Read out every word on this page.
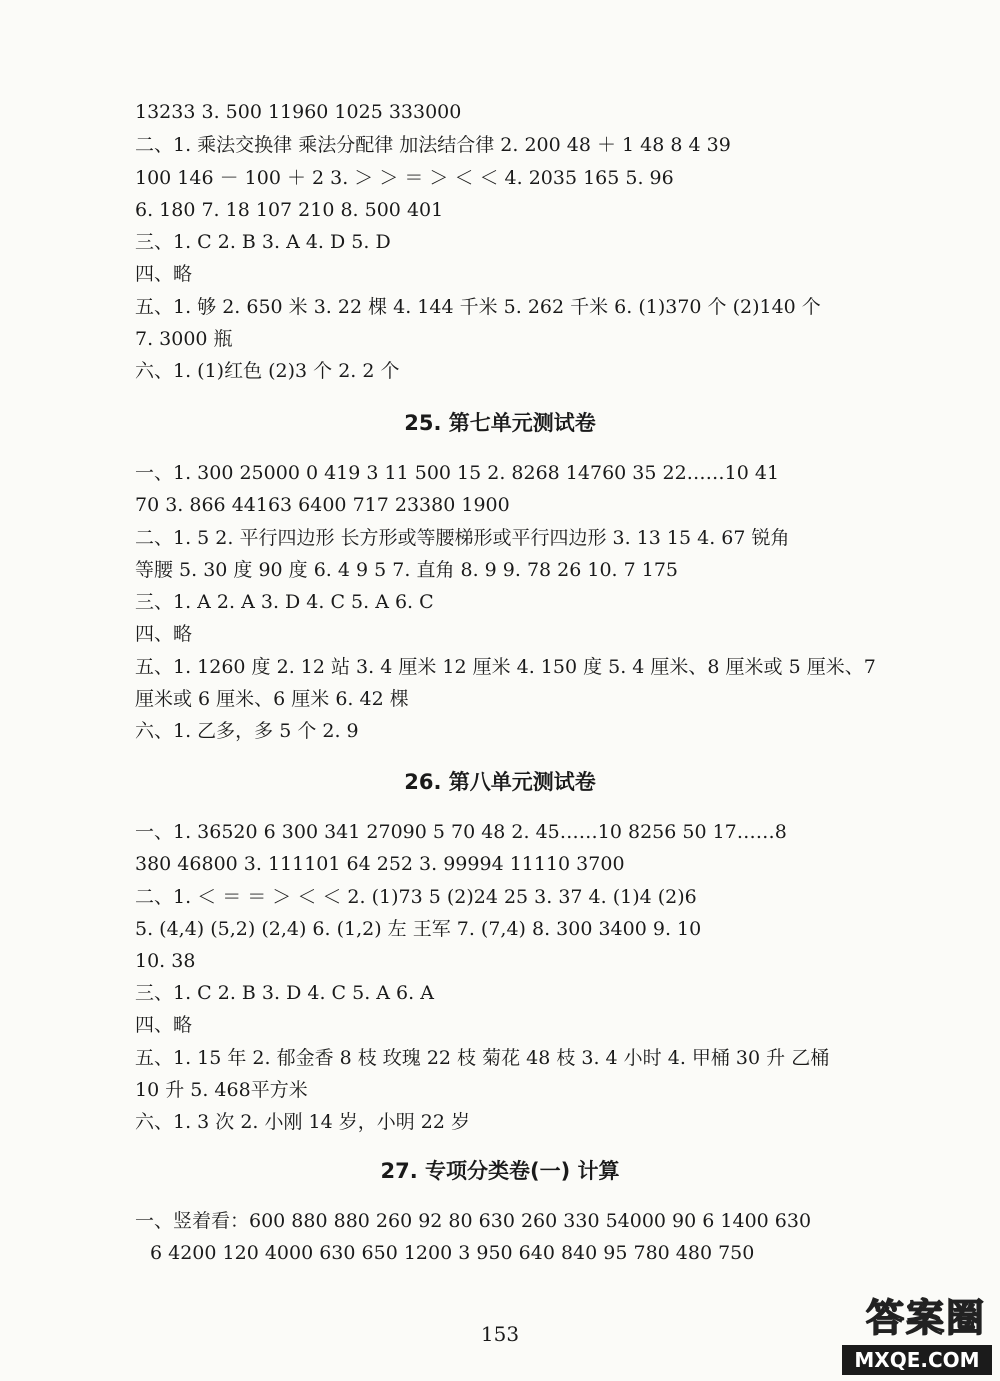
13233 3. 500 11960 1025 333000
二、1. 乘法交换律 乘法分配律 加法结合律 2. 200 48 ＋ 1 48 8 4 39
100 146 － 100 ＋ 2 3. ＞ ＞ ＝ ＞ ＜ ＜ 4. 2035 165 5. 96
6. 180 7. 18 107 210 8. 500 401
三、1. C 2. B 3. A 4. D 5. D
四、略
五、1. 够 2. 650 米 3. 22 棵 4. 144 千米 5. 262 千米 6. (1)370 个 (2)140 个
7. 3000 瓶
六、1. (1)红色 (2)3 个 2. 2 个
25. 第七单元测试卷
一、1. 300 25000 0 419 3 11 500 15 2. 8268 14760 35 22……10 41
70 3. 866 44163 6400 717 23380 1900
二、1. 5 2. 平行四边形 长方形或等腰梯形或平行四边形 3. 13 15 4. 67 锐角
等腰 5. 30 度 90 度 6. 4 9 5 7. 直角 8. 9 9. 78 26 10. 7 175
三、1. A 2. A 3. D 4. C 5. A 6. C
四、略
五、1. 1260 度 2. 12 站 3. 4 厘米 12 厘米 4. 150 度 5. 4 厘米、8 厘米或 5 厘米、7
厘米或 6 厘米、6 厘米 6. 42 棵
六、1. 乙多，多 5 个 2. 9
26. 第八单元测试卷
一、1. 36520 6 300 341 27090 5 70 48 2. 45……10 8256 50 17……8
380 46800 3. 111101 64 252 3. 99994 11110 3700
二、1. ＜ ＝ ＝ ＞ ＜ ＜ 2. (1)73 5 (2)24 25 3. 37 4. (1)4 (2)6
5. (4,4) (5,2) (2,4) 6. (1,2) 左 王军 7. (7,4) 8. 300 3400 9. 10
10. 38
三、1. C 2. B 3. D 4. C 5. A 6. A
四、略
五、1. 15 年 2. 郁金香 8 枝 玫瑰 22 枝 菊花 48 枝 3. 4 小时 4. 甲桶 30 升 乙桶
10 升 5. 468平方米
六、1. 3 次 2. 小刚 14 岁，小明 22 岁
27. 专项分类卷(一) 计算
一、竖着看：600 880 880 260 92 80 630 260 330 54000 90 6 1400 630
6 4200 120 4000 630 650 1200 3 950 640 840 95 780 480 750
153	答案圈
MXQE.COM
